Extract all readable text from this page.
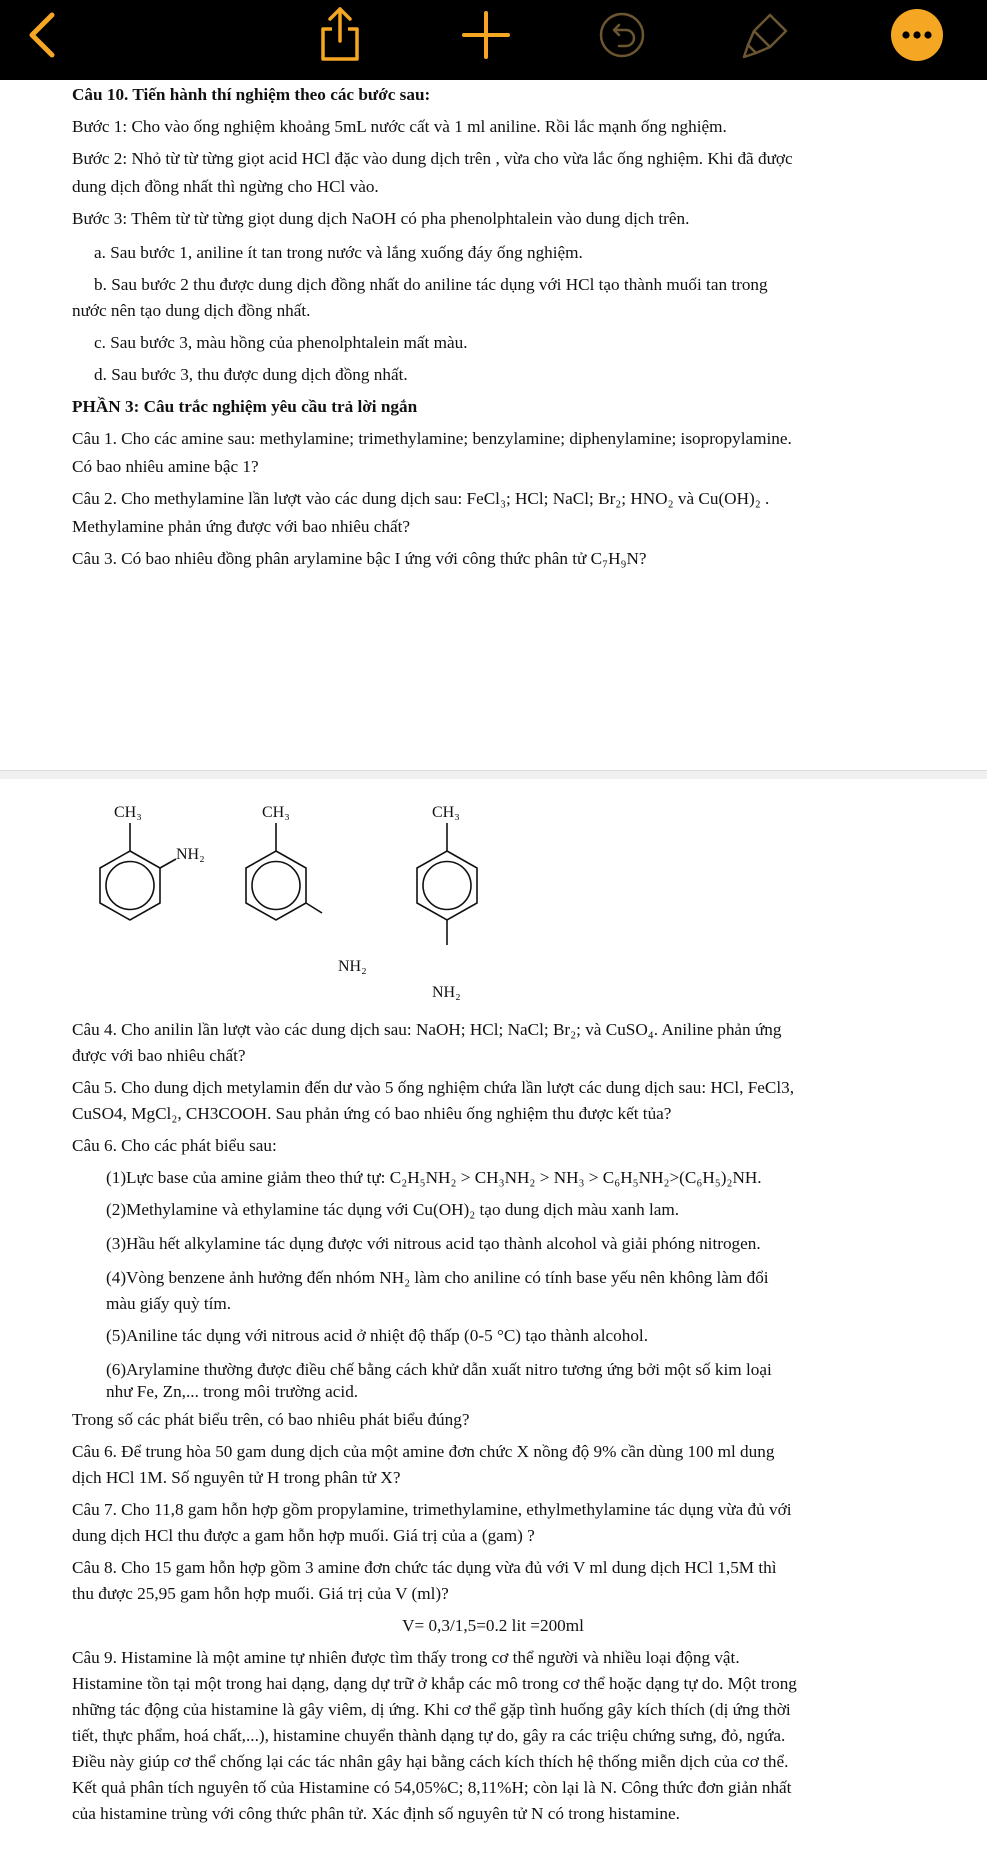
Câu 10. Tiến hành thí nghiệm theo các bước sau:
Bước 1: Cho vào ống nghiệm khoảng 5mL nước cất và 1 ml aniline. Rồi lắc mạnh ống nghiệm.
Bước 2: Nhỏ từ từ từng giọt acid HCl đặc vào dung dịch trên , vừa cho vừa lắc ống nghiệm. Khi đã được
dung dịch đồng nhất thì ngừng cho HCl vào.
Bước 3: Thêm từ từ từng giọt dung dịch NaOH có pha phenolphtalein vào dung dịch trên.
a. Sau bước 1, aniline ít tan trong nước và lắng xuống đáy ống nghiệm.
b. Sau bước 2 thu được dung dịch đồng nhất do aniline tác dụng với HCl tạo thành muối tan trong
nước nên tạo dung dịch đồng nhất.
c. Sau bước 3, màu hồng của phenolphtalein mất màu.
d. Sau bước 3, thu được dung dịch đồng nhất.
PHẦN 3: Câu trắc nghiệm yêu cầu trả lời ngắn
Câu 1. Cho các amine sau: methylamine; trimethylamine; benzylamine; diphenylamine; isopropylamine.
Có bao nhiêu amine bậc 1?
Câu 2. Cho methylamine lần lượt vào các dung dịch sau: FeCl₃; HCl; NaCl; Br₂; HNO₂ và Cu(OH)₂ .
Methylamine phản ứng được với bao nhiêu chất?
Câu 3. Có bao nhiêu đồng phân arylamine bậc I ứng với công thức phân tử C₇H₉N?
CH₃
NH₂
CH₃
NH₂
CH₃
NH₂
Câu 4. Cho anilin lần lượt vào các dung dịch sau: NaOH; HCl; NaCl; Br₂; và CuSO₄. Aniline phản ứng
được với bao nhiêu chất?
Câu 5. Cho dung dịch metylamin đến dư vào 5 ống nghiệm chứa lần lượt các dung dịch sau: HCl, FeCl3,
CuSO4, MgCl₂, CH3COOH. Sau phản ứng có bao nhiêu ống nghiệm thu được kết tủa?
Câu 6. Cho các phát biểu sau:
(1)Lực base của amine giảm theo thứ tự: C₂H₅NH₂ > CH₃NH₂ > NH₃ > C₆H₅NH₂>(C₆H₅)₂NH.
(2)Methylamine và ethylamine tác dụng với Cu(OH)₂ tạo dung dịch màu xanh lam.
(3)Hầu hết alkylamine tác dụng được với nitrous acid tạo thành alcohol và giải phóng nitrogen.
(4)Vòng benzene ảnh hưởng đến nhóm NH₂ làm cho aniline có tính base yếu nên không làm đổi
màu giấy quỳ tím.
(5)Aniline tác dụng với nitrous acid ở nhiệt độ thấp (0-5 °C) tạo thành alcohol.
(6)Arylamine thường được điều chế bằng cách khử dẫn xuất nitro tương ứng bởi một số kim loại
như Fe, Zn,... trong môi trường acid.
Trong số các phát biểu trên, có bao nhiêu phát biểu đúng?
Câu 6. Để trung hòa 50 gam dung dịch của một amine đơn chức X nồng độ 9% cần dùng 100 ml dung
dịch HCl 1M. Số nguyên tử H trong phân tử X?
Câu 7. Cho 11,8 gam hỗn hợp gồm propylamine, trimethylamine, ethylmethylamine tác dụng vừa đủ với
dung dịch HCl thu được a gam hỗn hợp muối. Giá trị của a (gam) ?
Câu 8. Cho 15 gam hỗn hợp gồm 3 amine đơn chức tác dụng vừa đủ với V ml dung dịch HCl 1,5M thì
thu được 25,95 gam hỗn hợp muối. Giá trị của V (ml)?
V= 0,3/1,5=0.2 lit =200ml
Câu 9. Histamine là một amine tự nhiên được tìm thấy trong cơ thể người và nhiều loại động vật.
Histamine tồn tại một trong hai dạng, dạng dự trữ ở khắp các mô trong cơ thể hoặc dạng tự do. Một trong
những tác động của histamine là gây viêm, dị ứng. Khi cơ thể gặp tình huống gây kích thích (dị ứng thời
tiết, thực phẩm, hoá chất,...), histamine chuyển thành dạng tự do, gây ra các triệu chứng sưng, đỏ, ngứa.
Điều này giúp cơ thể chống lại các tác nhân gây hại bằng cách kích thích hệ thống miễn dịch của cơ thể.
Kết quả phân tích nguyên tố của Histamine có 54,05%C; 8,11%H; còn lại là N. Công thức đơn giản nhất
của histamine trùng với công thức phân tử. Xác định số nguyên tử N có trong histamine.
